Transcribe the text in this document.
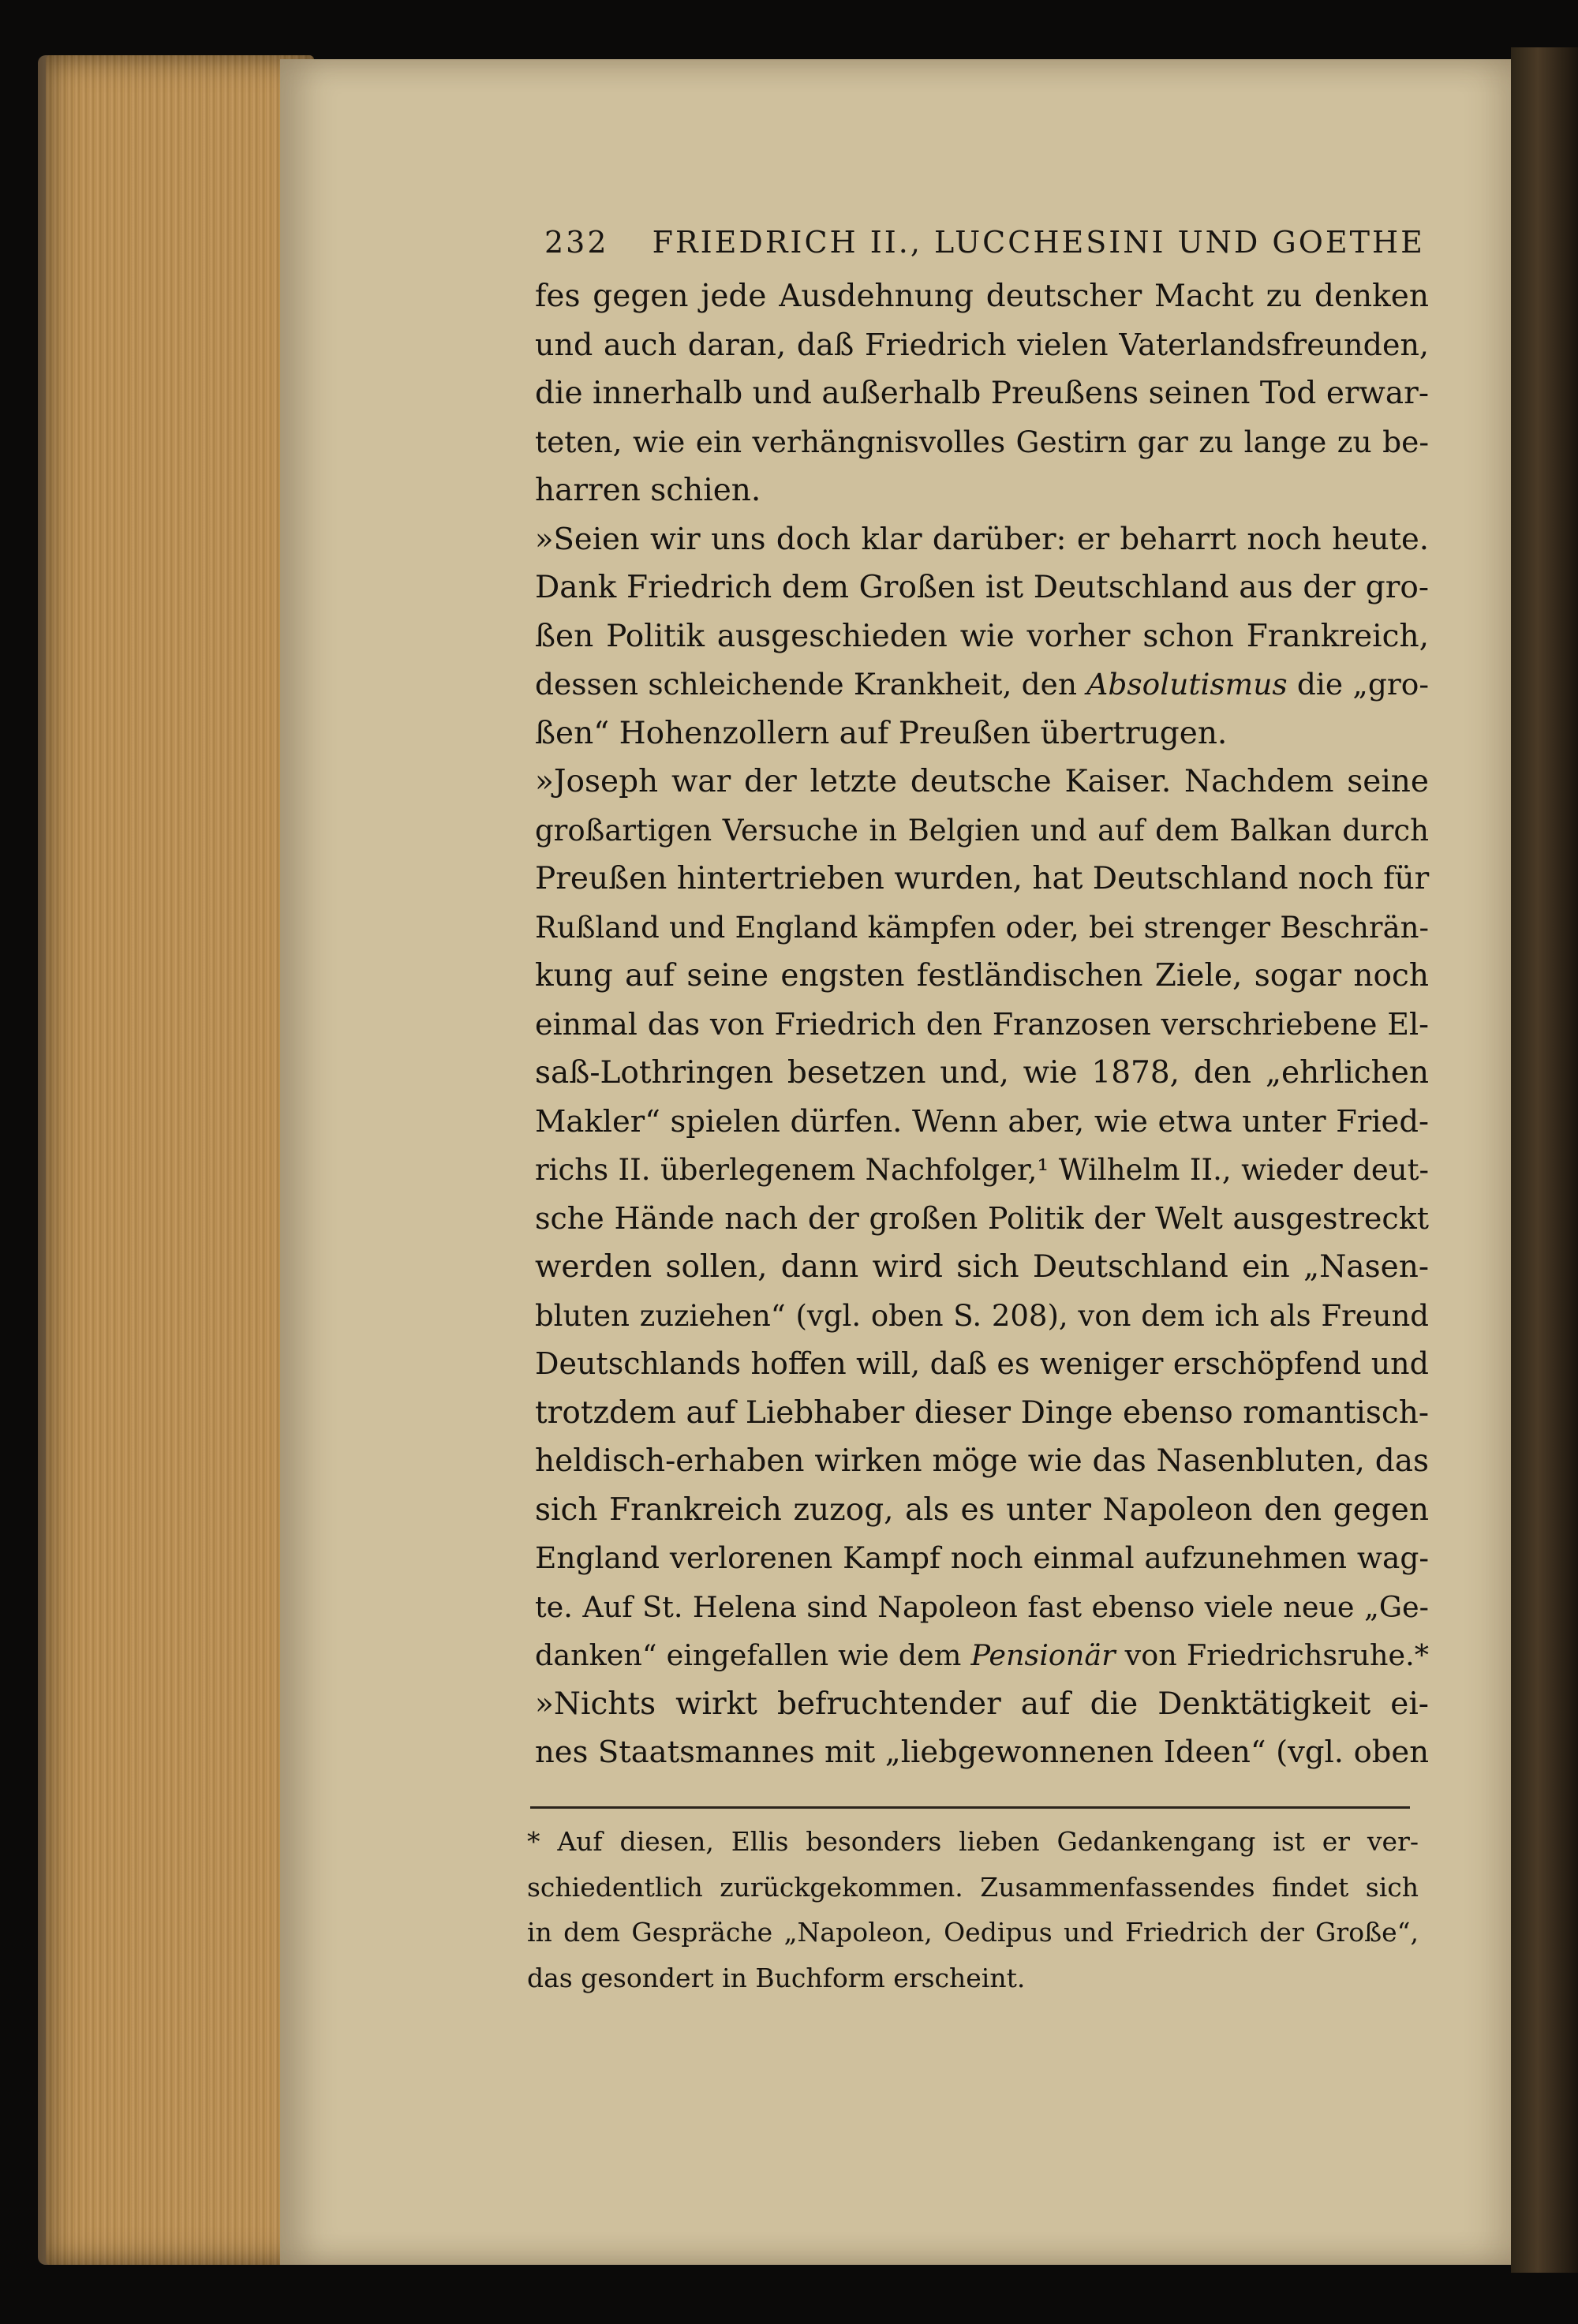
232 FRIEDRICH II., LUCCHESINI UND GOETHE
fes gegen jede Ausdehnung deutscher Macht zu denken
und auch daran, daß Friedrich vielen Vaterlandsfreunden,
die innerhalb und außerhalb Preußens seinen Tod erwar-
teten, wie ein verhängnisvolles Gestirn gar zu lange zu be-
harren schien.
»Seien wir uns doch klar darüber: er beharrt noch heute.
Dank Friedrich dem Großen ist Deutschland aus der gro-
ßen Politik ausgeschieden wie vorher schon Frankreich,
dessen schleichende Krankheit, den Absolutismus die „gro-
ßen“ Hohenzollern auf Preußen übertrugen.
»Joseph war der letzte deutsche Kaiser. Nachdem seine
großartigen Versuche in Belgien und auf dem Balkan durch
Preußen hintertrieben wurden, hat Deutschland noch für
Rußland und England kämpfen oder, bei strenger Beschrän-
kung auf seine engsten festländischen Ziele, sogar noch
einmal das von Friedrich den Franzosen verschriebene El-
saß-Lothringen besetzen und, wie 1878, den „ehrlichen
Makler“ spielen dürfen. Wenn aber, wie etwa unter Fried-
richs II. überlegenem Nachfolger,¹ Wilhelm II., wieder deut-
sche Hände nach der großen Politik der Welt ausgestreckt
werden sollen, dann wird sich Deutschland ein „Nasen-
bluten zuziehen“ (vgl. oben S. 208), von dem ich als Freund
Deutschlands hoffen will, daß es weniger erschöpfend und
trotzdem auf Liebhaber dieser Dinge ebenso romantisch-
heldisch-erhaben wirken möge wie das Nasenbluten, das
sich Frankreich zuzog, als es unter Napoleon den gegen
England verlorenen Kampf noch einmal aufzunehmen wag-
te. Auf St. Helena sind Napoleon fast ebenso viele neue „Ge-
danken“ eingefallen wie dem Pensionär von Friedrichsruhe.*
»Nichts wirkt befruchtender auf die Denktätigkeit ei-
nes Staatsmannes mit „liebgewonnenen Ideen“ (vgl. oben
* Auf diesen, Ellis besonders lieben Gedankengang ist er ver-
schiedentlich zurückgekommen. Zusammenfassendes findet sich
in dem Gespräche „Napoleon, Oedipus und Friedrich der Große“,
das gesondert in Buchform erscheint.
